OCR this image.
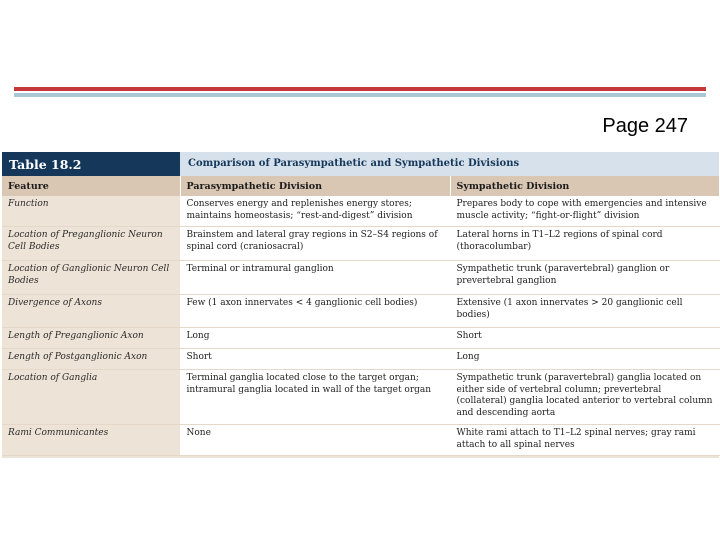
Page 247
Table 18.2	Comparison of Parasympathetic and Sympathetic Divisions
Feature	Parasympathetic Division	Sympathetic Division
Function	Conserves energy and replenishes energy stores; maintains homeostasis; “rest-and-digest” division	Prepares body to cope with emergencies and intensive muscle activity; “fight-or-flight” division
Location of Preganglionic Neuron Cell Bodies	Brainstem and lateral gray regions in S2–S4 regions of spinal cord (craniosacral)	Lateral horns in T1–L2 regions of spinal cord (thoracolumbar)
Location of Ganglionic Neuron Cell Bodies	Terminal or intramural ganglion	Sympathetic trunk (paravertebral) ganglion or prevertebral ganglion
Divergence of Axons	Few (1 axon innervates < 4 ganglionic cell bodies)	Extensive (1 axon innervates > 20 ganglionic cell bodies)
Length of Preganglionic Axon	Long	Short
Length of Postganglionic Axon	Short	Long
Location of Ganglia	Terminal ganglia located close to the target organ; intramural ganglia located in wall of the target organ	Sympathetic trunk (paravertebral) ganglia located on either side of vertebral column; prevertebral (collateral) ganglia located anterior to vertebral column and descending aorta
Rami Communicantes	None	White rami attach to T1–L2 spinal nerves; gray rami attach to all spinal nerves
